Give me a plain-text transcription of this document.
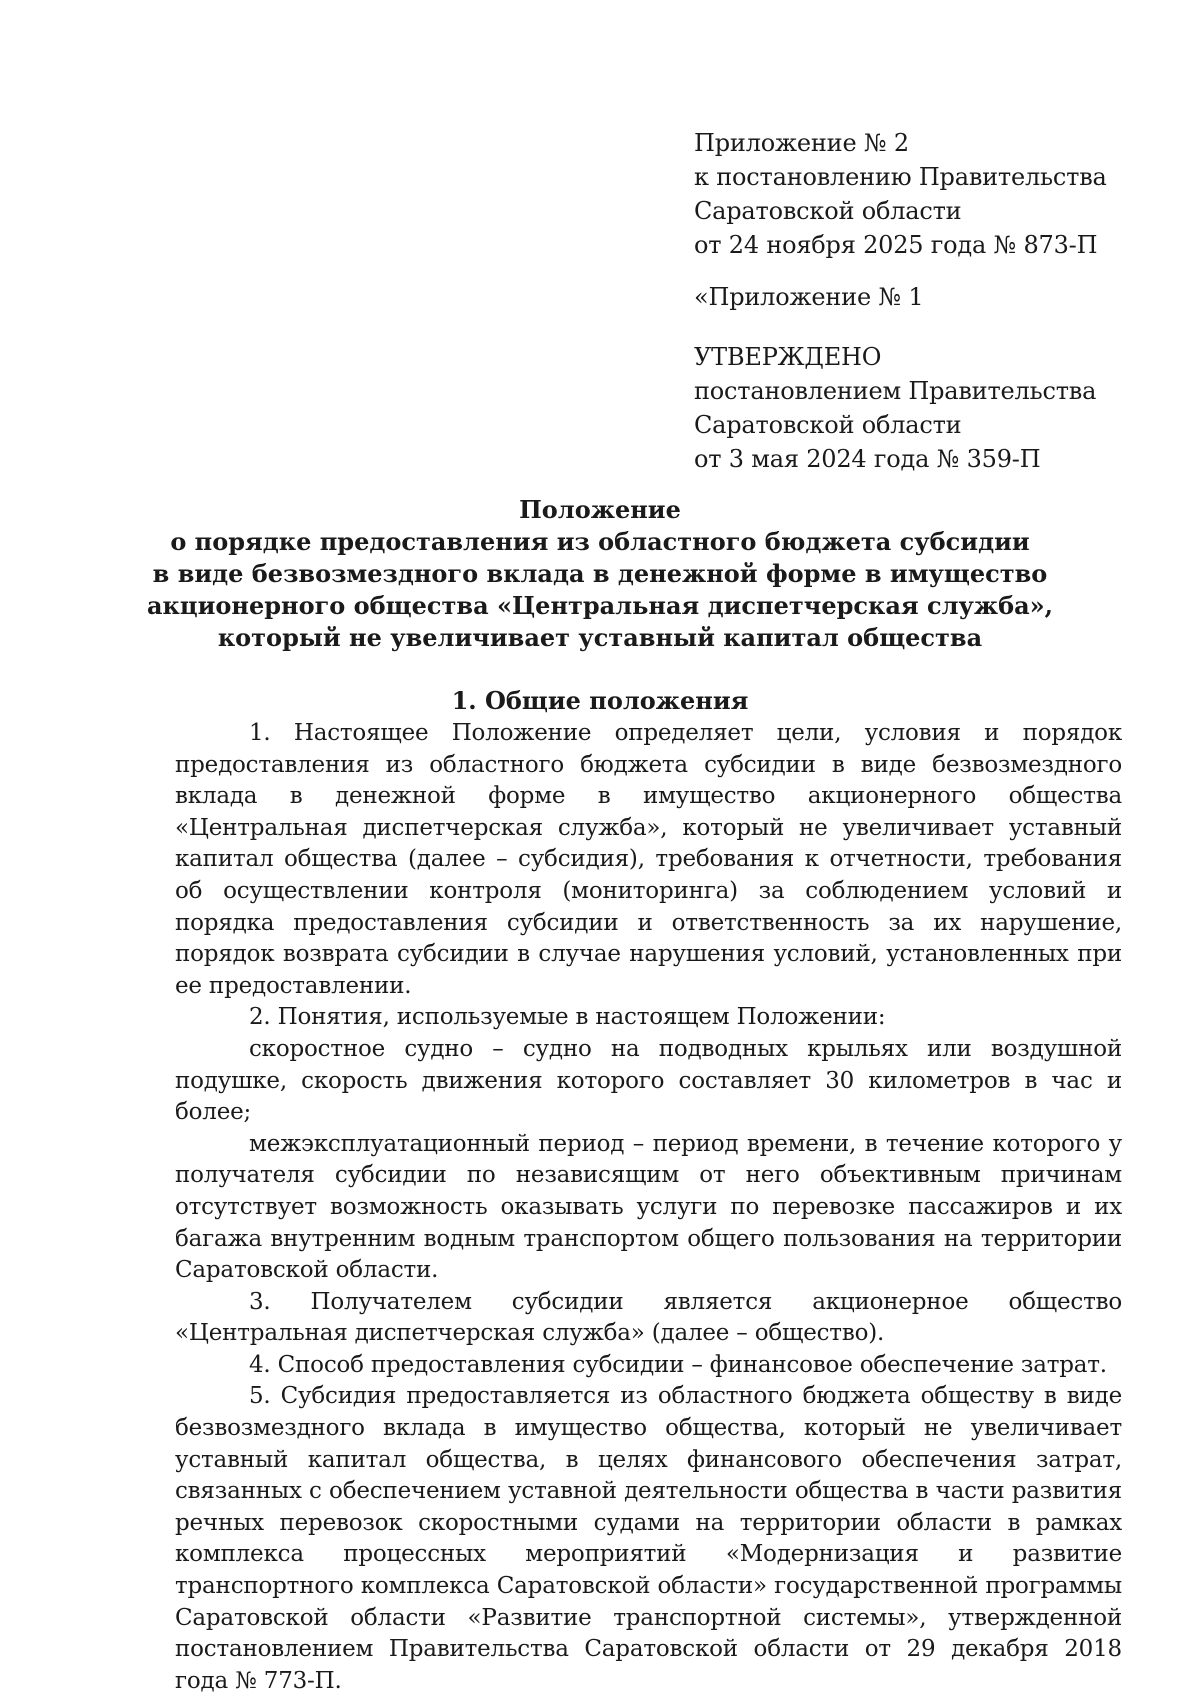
Приложение № 2
к постановлению Правительства
Саратовской области
от 24 ноября 2025 года № 873-П
«Приложение № 1
УТВЕРЖДЕНО
постановлением Правительства
Саратовской области
от 3 мая 2024 года № 359-П
Положение
о порядке предоставления из областного бюджета субсидии
в виде безвозмездного вклада в денежной форме в имущество
акционерного общества «Центральная диспетчерская служба»,
который не увеличивает уставный капитал общества
1. Общие положения

1. Настоящее Положение определяет цели, условия и порядок предоставления из областного бюджета субсидии в виде безвозмездного вклада в денежной форме в имущество акционерного общества «Центральная диспетчерская служба», который не увеличивает уставный капитал общества (далее – субсидия), требования к отчетности, требования об осуществлении контроля (мониторинга) за соблюдением условий и порядка предоставления субсидии и ответственность за их нарушение, порядок возврата субсидии в случае нарушения условий, установленных при ее предоставлении.

2. Понятия, используемые в настоящем Положении:

скоростное судно – судно на подводных крыльях или воздушной подушке, скорость движения которого составляет 30 километров в час и более;

межэксплуатационный период – период времени, в течение которого у получателя субсидии по независящим от него объективным причинам отсутствует возможность оказывать услуги по перевозке пассажиров и их багажа внутренним водным транспортом общего пользования на территории Саратовской области.

3. Получателем субсидии является акционерное общество «Центральная диспетчерская служба» (далее – общество).

4. Способ предоставления субсидии – финансовое обеспечение затрат.

5. Субсидия предоставляется из областного бюджета обществу в виде безвозмездного вклада в имущество общества, который не увеличивает уставный капитал общества, в целях финансового обеспечения затрат, связанных с обеспечением уставной деятельности общества в части развития речных перевозок скоростными судами на территории области в рамках комплекса процессных мероприятий «Модернизация и развитие транспортного комплекса Саратовской области» государственной программы Саратовской области «Развитие транспортной системы», утвержденной постановлением Правительства Саратовской области от 29 декабря 2018 года № 773-П.
